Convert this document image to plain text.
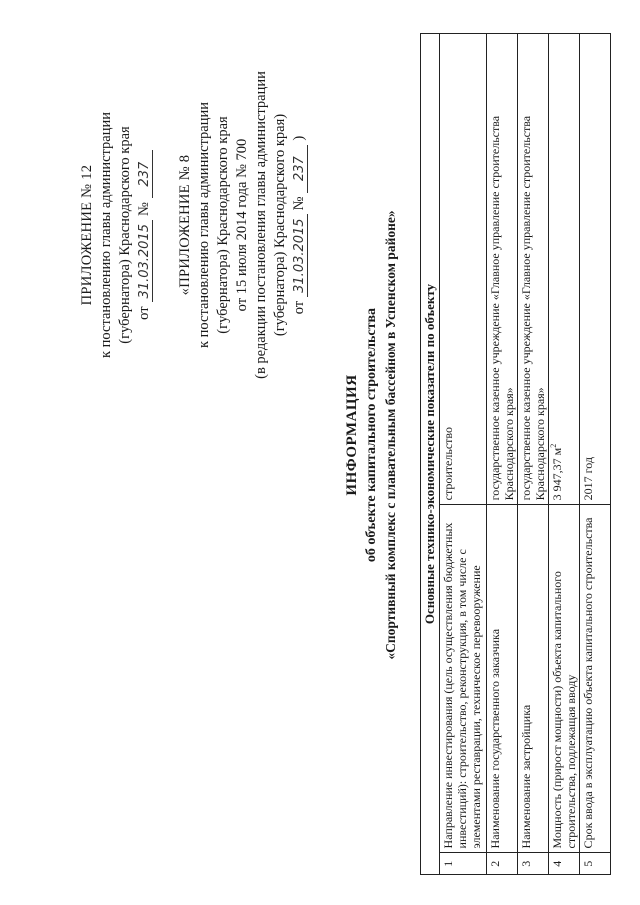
ПРИЛОЖЕНИЕ № 12 к постановлению главы администрации (губернатора) Краснодарского края от
31.03.2015
№
237 «ПРИЛОЖЕНИЕ № 8 к постановлению главы администрации (губернатора) Краснодарского края от 15 июля 2014 года № 700 (в редакции постановления главы администрации (губернатора) Краснодарского края) от
31.03.2015
№
237
)
ИНФОРМАЦИЯ об объекте капитального строительства «Спортивный комплекс с плавательным бассейном в Успенском районе» Основные технико-экономические показатели по объекту		
1	Направление инвестирования (цель осуществления бюджетных инвестиций): строительство, реконструкция, в том числе с элементами реставрации, техническое перевооружение	строительство
2	Наименование государственного заказчика	государственное казенное учреждение «Главное управление строительства Краснодарского края»
3	Наименование застройщика	государственное казенное учреждение «Главное управление строительства Краснодарского края»
4	Мощность (прирост мощности) объекта капитального строительства, подлежащая вводу	3 947,37 $м^2$
5	Срок ввода в эксплуатацию объекта капитального строительства	2017 год
